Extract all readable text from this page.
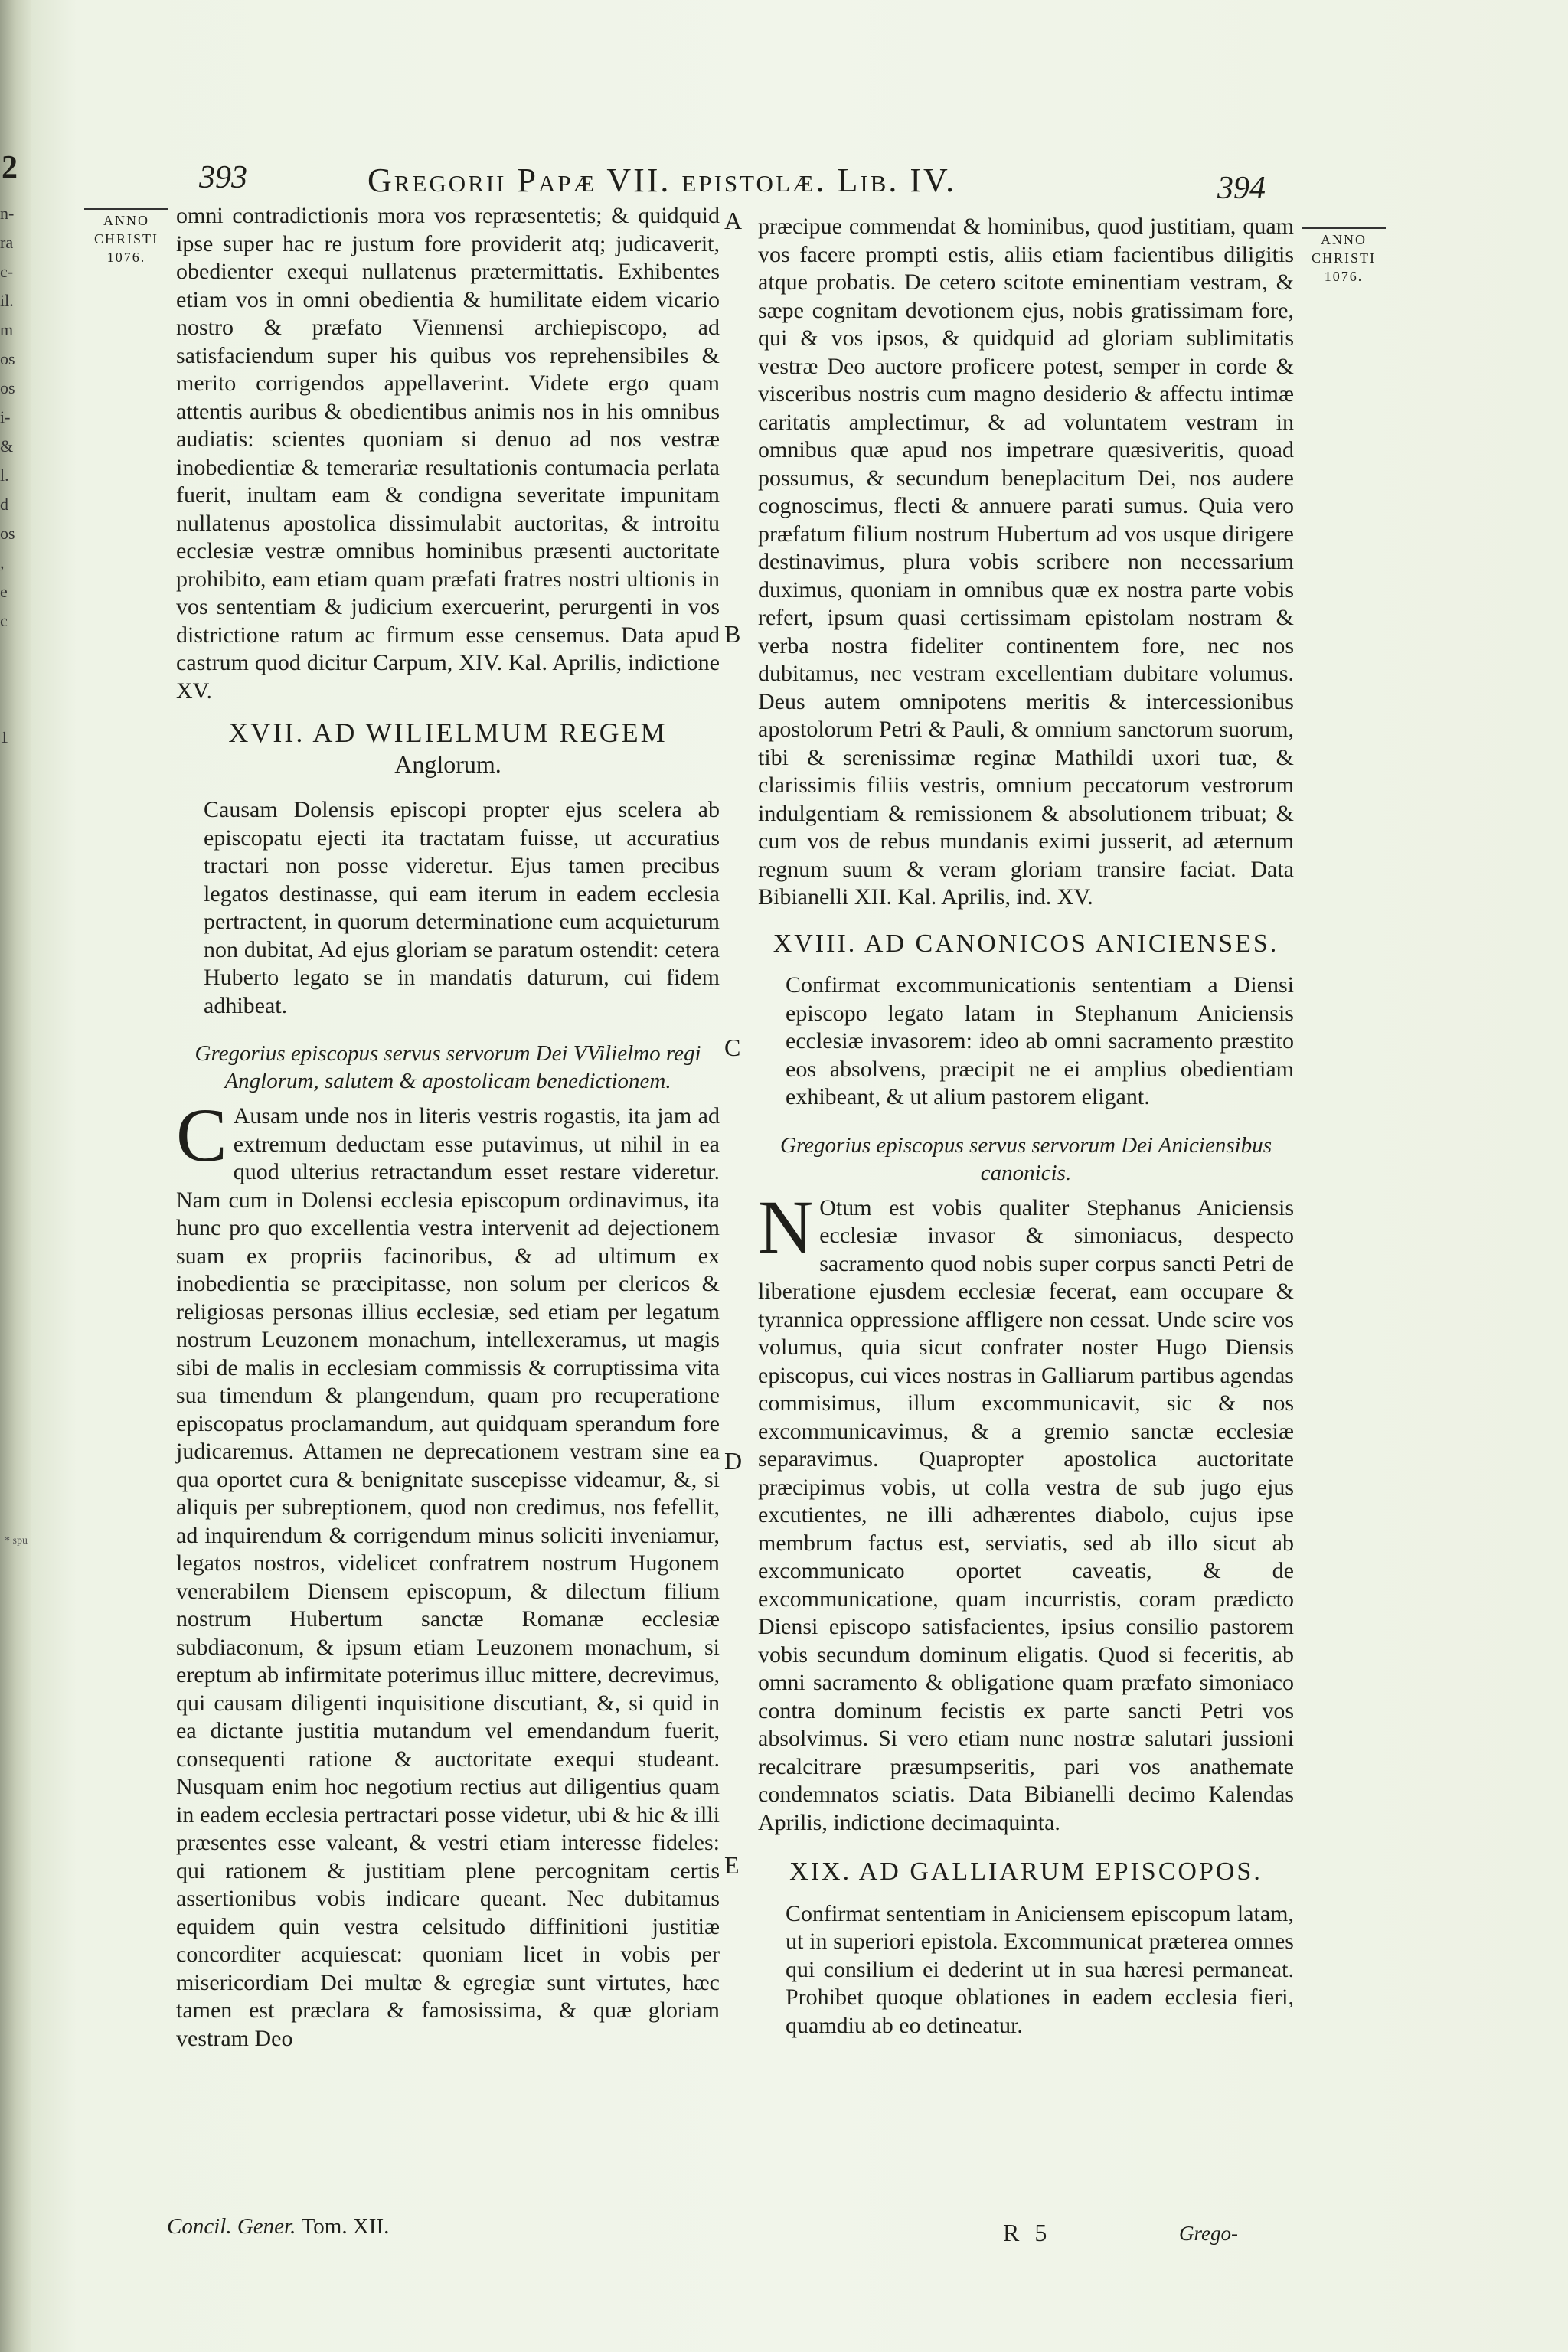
393	Gregorii Papæ VII. epistolæ. Lib. IV.	394
ANNO
CHRISTI
1076.
ANNO
CHRISTI
1076.
A
B
C
D
E

omni contradictionis mora vos repræsentetis; & quidquid ipse super hac re justum fore providerit atq; judicaverit, obedienter exequi nullatenus prætermittatis. Exhibentes etiam vos in omni obedientia & humilitate eidem vicario nostro & præfato Viennensi archiepiscopo, ad satisfaciendum super his quibus vos reprehensibiles & merito corrigendos appellaverint. Videte ergo quam attentis auribus & obedientibus animis nos in his omnibus audiatis: scientes quoniam si denuo ad nos vestræ inobedientiæ & temerariæ resultationis contumacia perlata fuerit, inultam eam & condigna severitate impunitam nullatenus apostolica dissimulabit auctoritas, & introitu ecclesiæ vestræ omnibus hominibus præsenti auctoritate prohibito, eam etiam quam præfati fratres nostri ultionis in vos sententiam & judicium exercuerint, perurgenti in vos districtione ratum ac firmum esse censemus. Data apud castrum quod dicitur Carpum, XIV. Kal. Aprilis, indictione XV.

XVII. AD WILIELMUM REGEM
Anglorum.

Causam Dolensis episcopi propter ejus scelera ab episcopatu ejecti ita tractatam fuisse, ut accuratius tractari non posse videretur. Ejus tamen precibus legatos destinasse, qui eam iterum in eadem ecclesia pertractent, in quorum determinatione eum acquieturum non dubitat, Ad ejus gloriam se paratum ostendit: cetera Huberto legato se in mandatis daturum, cui fidem adhibeat.

Gregorius episcopus servus servorum Dei VVilielmo regi Anglorum, salutem & apostolicam benedictionem.

C Ausam unde nos in literis vestris rogastis, ita jam ad extremum deductam esse putavimus, ut nihil in ea quod ulterius retractandum esset restare videretur. Nam cum in Dolensi ecclesia episcopum ordinavimus, ita hunc pro quo excellentia vestra intervenit ad dejectionem suam ex propriis facinoribus, & ad ultimum ex inobedientia se præcipitasse, non solum per clericos & religiosas personas illius ecclesiæ, sed etiam per legatum nostrum Leuzonem monachum, intellexeramus, ut magis sibi de malis in ecclesiam commissis & corruptissima vita sua timendum & plangendum, quam pro recuperatione episcopatus proclamandum, aut quidquam sperandum fore judicaremus. Attamen ne deprecationem vestram sine ea qua oportet cura & benignitate suscepisse videamur, &, si aliquis per subreptionem, quod non credimus, nos fefellit, ad inquirendum & corrigendum minus soliciti inveniamur, legatos nostros, videlicet confratrem nostrum Hugonem venerabilem Diensem episcopum, & dilectum filium nostrum Hubertum sanctæ Romanæ ecclesiæ subdiaconum, & ipsum etiam Leuzonem monachum, si ereptum ab infirmitate poterimus illuc mittere, decrevimus, qui causam diligenti inquisitione discutiant, &, si quid in ea dictante justitia mutandum vel emendandum fuerit, consequenti ratione & auctoritate exequi studeant. Nusquam enim hoc negotium rectius aut diligentius quam in eadem ecclesia pertractari posse videtur, ubi & hic & illi præsentes esse valeant, & vestri etiam interesse fideles: qui rationem & justitiam plene percognitam certis assertionibus vobis indicare queant. Nec dubitamus equidem quin vestra celsitudo diffinitioni justitiæ concorditer acquiescat: quoniam licet in vobis per misericordiam Dei multæ & egregiæ sunt virtutes, hæc tamen est præclara & famosissima, & quæ gloriam vestram Deo

Concil. Gener. Tom. XII.

præcipue commendat & hominibus, quod justitiam, quam vos facere prompti estis, aliis etiam facientibus diligitis atque probatis. De cetero scitote eminentiam vestram, & sæpe cognitam devotionem ejus, nobis gratissimam fore, qui & vos ipsos, & quidquid ad gloriam sublimitatis vestræ Deo auctore proficere potest, semper in corde & visceribus nostris cum magno desiderio & affectu intimæ caritatis amplectimur, & ad voluntatem vestram in omnibus quæ apud nos impetrare quæsiveritis, quoad possumus, & secundum beneplacitum Dei, nos audere cognoscimus, flecti & annuere parati sumus. Quia vero præfatum filium nostrum Hubertum ad vos usque dirigere destinavimus, plura vobis scribere non necessarium duximus, quoniam in omnibus quæ ex nostra parte vobis refert, ipsum quasi certissimam epistolam nostram & verba nostra fideliter continentem fore, nec nos dubitamus, nec vestram excellentiam dubitare volumus. Deus autem omnipotens meritis & intercessionibus apostolorum Petri & Pauli, & omnium sanctorum suorum, tibi & serenissimæ reginæ Mathildi uxori tuæ, & clarissimis filiis vestris, omnium peccatorum vestrorum indulgentiam & remissionem & absolutionem tribuat; & cum vos de rebus mundanis eximi jusserit, ad æternum regnum suum & veram gloriam transire faciat. Data Bibianelli XII. Kal. Aprilis, ind. XV.

XVIII. AD CANONICOS ANICIENSES.

Confirmat excommunicationis sententiam a Diensi episcopo legato latam in Stephanum Aniciensis ecclesiæ invasorem: ideo ab omni sacramento præstito eos absolvens, præcipit ne ei amplius obedientiam exhibeant, & ut alium pastorem eligant.

Gregorius episcopus servus servorum Dei Aniciensibus canonicis.

N Otum est vobis qualiter Stephanus Aniciensis ecclesiæ invasor & simoniacus, despecto sacramento quod nobis super corpus sancti Petri de liberatione ejusdem ecclesiæ fecerat, eam occupare & tyrannica oppressione affligere non cessat. Unde scire vos volumus, quia sicut confrater noster Hugo Diensis episcopus, cui vices nostras in Galliarum partibus agendas commisimus, illum excommunicavit, sic & nos excommunicavimus, & a gremio sanctæ ecclesiæ separavimus. Quapropter apostolica auctoritate præcipimus vobis, ut colla vestra de sub jugo ejus excutientes, ne illi adhærentes diabolo, cujus ipse membrum factus est, serviatis, sed ab illo sicut ab excommunicato oportet caveatis, & de excommunicatione, quam incurristis, coram prædicto Diensi episcopo satisfacientes, ipsius consilio pastorem vobis secundum dominum eligatis. Quod si feceritis, ab omni sacramento & obligatione quam præfato simoniaco contra dominum fecistis ex parte sancti Petri vos absolvimus. Si vero etiam nunc nostræ salutari jussioni recalcitrare præsumpseritis, pari vos anathemate condemnatos sciatis. Data Bibianelli decimo Kalendas Aprilis, indictione decimaquinta.

XIX. AD GALLIARUM EPISCOPOS.

Confirmat sententiam in Aniciensem episcopum latam, ut in superiori epistola. Excommunicat præterea omnes qui consilium ei dederint ut in sua hæresi permaneat. Prohibet quoque oblationes in eadem ecclesia fieri, quamdiu ab eo detineatur.

R 5	Grego-
2
n-
ra
c-
il.
m
os
os
i-
&
l.
d
os
,
e
c

1

* spu
